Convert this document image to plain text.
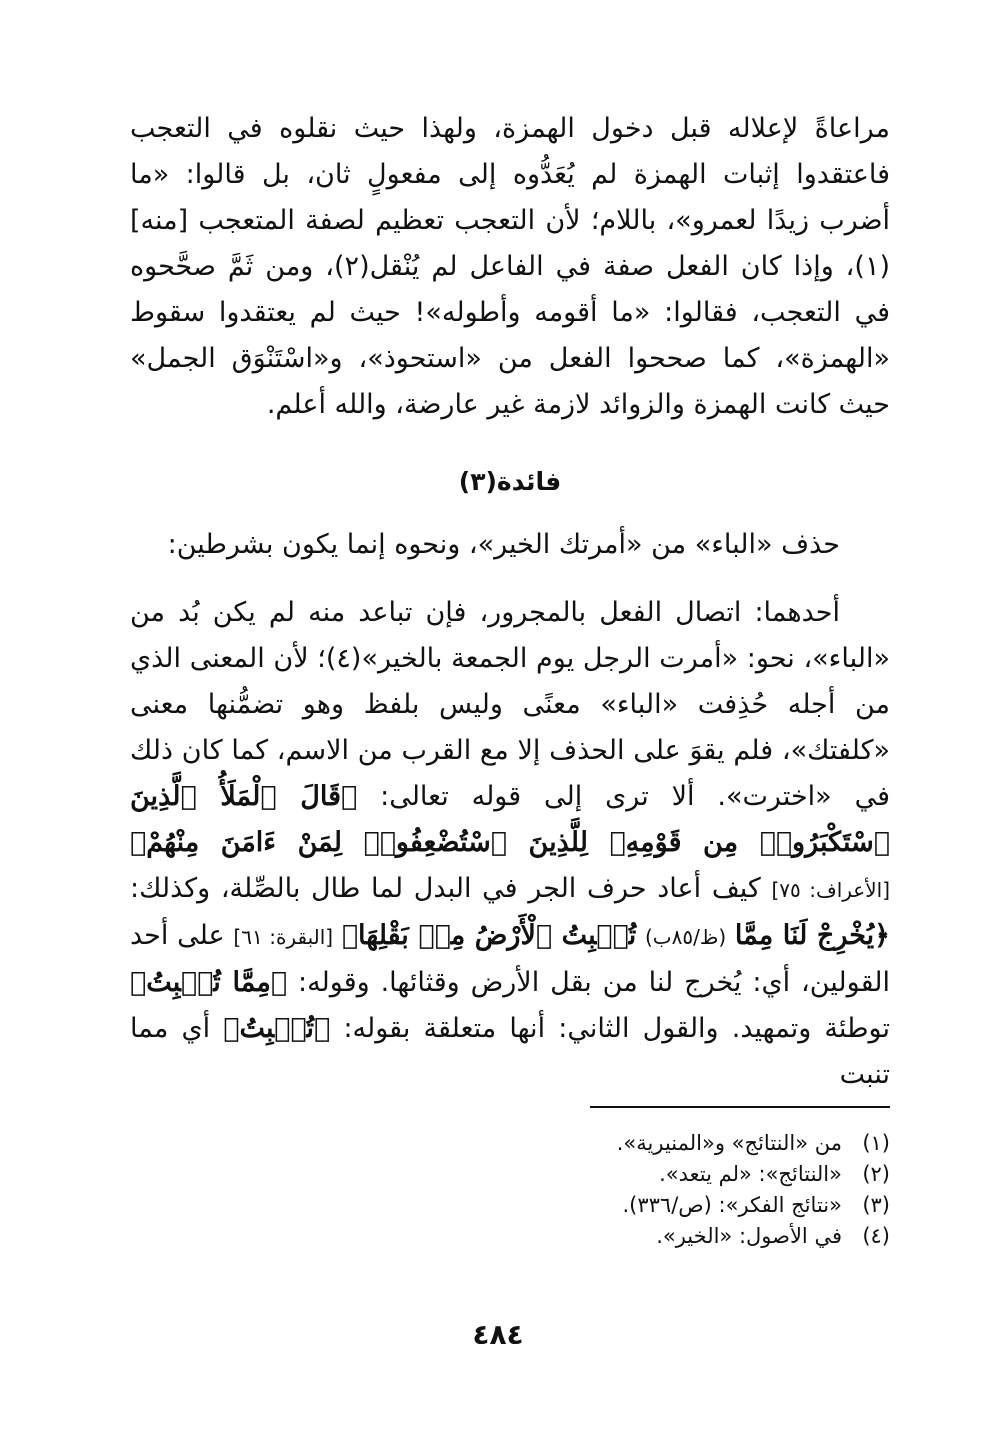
مراعاةً لإعلاله قبل دخول الهمزة، ولهذا حيث نقلوه في التعجب فاعتقدوا إثبات الهمزة لم يُعَدُّوه إلى مفعولٍ ثان، بل قالوا: «ما أضرب زيدًا لعمرو»، باللام؛ لأن التعجب تعظيم لصفة المتعجب [منه](١)، وإذا كان الفعل صفة في الفاعل لم يُنْقل(٢)، ومن ثَمَّ صحَّحوه في التعجب، فقالوا: «ما أقومه وأطوله»! حيث لم يعتقدوا سقوط «الهمزة»، كما صححوا الفعل من «استحوذ»، و«اسْتَنْوَق الجمل» حيث كانت الهمزة والزوائد لازمة غير عارضة، والله أعلم.

فائدة(٣)

حذف «الباء» من «أمرتك الخير»، ونحوه إنما يكون بشرطين:

أحدهما: اتصال الفعل بالمجرور، فإن تباعد منه لم يكن بُد من «الباء»، نحو: «أمرت الرجل يوم الجمعة بالخير»(٤)؛ لأن المعنى الذي من أجله حُذِفت «الباء» معنًى وليس بلفظ وهو تضمُّنها معنى «كلفتك»، فلم يقوَ على الحذف إلا مع القرب من الاسم، كما كان ذلك في «اخترت». ألا ترى إلى قوله تعالى: ﴿قَالَ ٱلْمَلَأُ ٱلَّذِينَ ٱسْتَكْبَرُوا۟ مِن قَوْمِهِۦ لِلَّذِينَ ٱسْتُضْعِفُوا۟ لِمَنْ ءَامَنَ مِنْهُمْ﴾ [الأعراف: ٧٥] كيف أعاد حرف الجر في البدل لما طال بالصِّلة، وكذلك: ﴿يُخْرِجْ لَنَا مِمَّا (ظ/٨٥ب) تُنۢبِتُ ٱلْأَرْضُ مِنۢ بَقْلِهَا﴾ [البقرة: ٦١] على أحد القولين، أي: يُخرج لنا من بقل الأرض وقثائها. وقوله: ﴿مِمَّا تُنۢبِتُ﴾ توطئة وتمهيد. والقول الثاني: أنها متعلقة بقوله: ﴿تُنۢبِتُ﴾ أي مما تنبت

(١)من «النتائج» و«المنيرية».
(٢)«النتائج»: «لم يتعد».
(٣)«نتائج الفكر»: (ص/٣٣٦).
(٤)في الأصول: «الخير».
٤٨٤
